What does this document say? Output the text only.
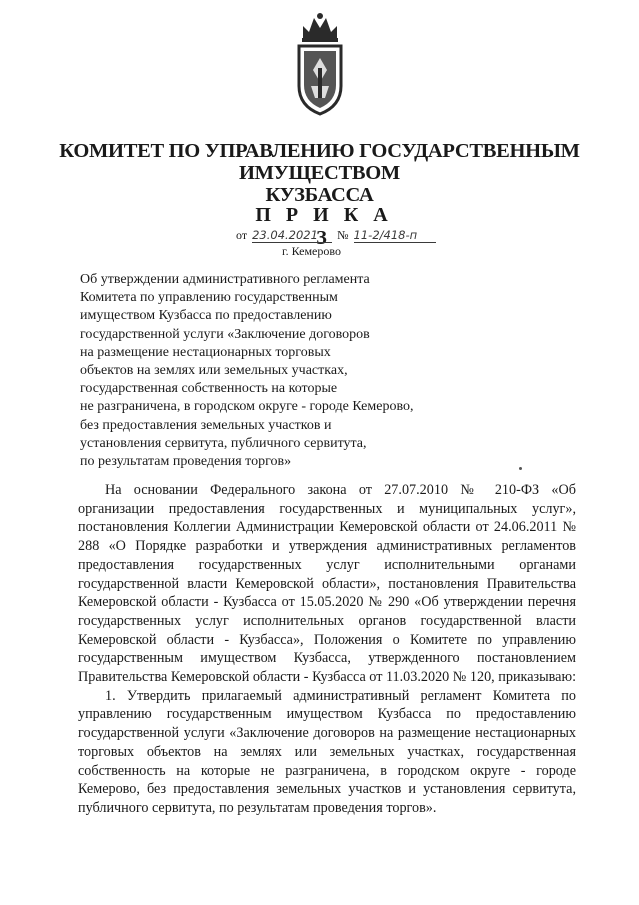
КОМИТЕТ ПО УПРАВЛЕНИЮ ГОСУДАРСТВЕННЫМ ИМУЩЕСТВОМ
КУЗБАССА
П Р И К А З
от 23.04.2021 № 11-2/418-п
г. Кемерово
Об утверждении административного регламента
Комитета по управлению государственным
имуществом Кузбасса по предоставлению
государственной услуги «Заключение договоров
на размещение нестационарных торговых
объектов на землях или земельных участках,
государственная собственность на которые
не разграничена, в городском округе - городе Кемерово,
без предоставления земельных участков и
установления сервитута, публичного сервитута,
по результатам проведения торгов»

На основании Федерального закона от 27.07.2010 № 210-ФЗ «Об организации предоставления государственных и муниципальных услуг», постановления Коллегии Администрации Кемеровской области от 24.06.2011 № 288 «О Порядке разработки и утверждения административных регламентов предоставления государственных услуг исполнительными органами государственной власти Кемеровской области», постановления Правительства Кемеровской области - Кузбасса от 15.05.2020 № 290 «Об утверждении перечня государственных услуг исполнительных органов государственной власти Кемеровской области - Кузбасса», Положения о Комитете по управлению государственным имуществом Кузбасса, утвержденного постановлением Правительства Кемеровской области - Кузбасса от 11.03.2020 № 120, приказываю:

1. Утвердить прилагаемый административный регламент Комитета по управлению государственным имуществом Кузбасса по предоставлению государственной услуги «Заключение договоров на размещение нестационарных торговых объектов на землях или земельных участках, государственная собственность на которые не разграничена, в городском округе - городе Кемерово, без предоставления земельных участков и установления сервитута, публичного сервитута, по результатам проведения торгов».
